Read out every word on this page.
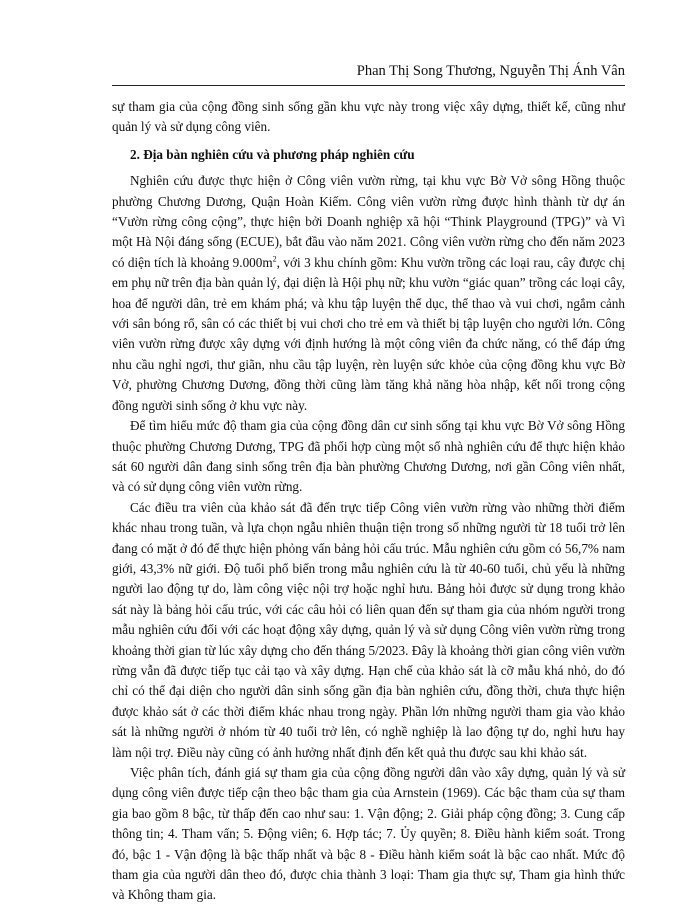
Phan Thị Song Thương, Nguyễn Thị Ánh Vân

sự tham gia của cộng đồng sinh sống gần khu vực này trong việc xây dựng, thiết kế, cũng như quản lý và sử dụng công viên.

2. Địa bàn nghiên cứu và phương pháp nghiên cứu

Nghiên cứu được thực hiện ở Công viên vườn rừng, tại khu vực Bờ Vở sông Hồng thuộc phường Chương Dương, Quận Hoàn Kiếm. Công viên vườn rừng được hình thành từ dự án “Vườn rừng công cộng”, thực hiện bởi Doanh nghiệp xã hội “Think Playground (TPG)” và Vì một Hà Nội đáng sống (ECUE), bắt đầu vào năm 2021. Công viên vườn rừng cho đến năm 2023 có diện tích là khoảng $9.000m^2$, với 3 khu chính gồm: Khu vườn trồng các loại rau, cây được chị em phụ nữ trên địa bàn quản lý, đại diện là Hội phụ nữ; khu vườn “giác quan” trồng các loại cây, hoa để người dân, trẻ em khám phá; và khu tập luyện thể dục, thể thao và vui chơi, ngắm cảnh với sân bóng rổ, sân có các thiết bị vui chơi cho trẻ em và thiết bị tập luyện cho người lớn. Công viên vườn rừng được xây dựng với định hướng là một công viên đa chức năng, có thể đáp ứng nhu cầu nghỉ ngơi, thư giãn, nhu cầu tập luyện, rèn luyện sức khỏe của cộng đồng khu vực Bờ Vở, phường Chương Dương, đồng thời cũng làm tăng khả năng hòa nhập, kết nối trong cộng đồng người sinh sống ở khu vực này.

Để tìm hiểu mức độ tham gia của cộng đồng dân cư sinh sống tại khu vực Bờ Vở sông Hồng thuộc phường Chương Dương, TPG đã phối hợp cùng một số nhà nghiên cứu để thực hiện khảo sát 60 người dân đang sinh sống trên địa bàn phường Chương Dương, nơi gần Công viên nhất, và có sử dụng công viên vườn rừng.

Các điều tra viên của khảo sát đã đến trực tiếp Công viên vườn rừng vào những thời điểm khác nhau trong tuần, và lựa chọn ngẫu nhiên thuận tiện trong số những người từ 18 tuổi trở lên đang có mặt ở đó để thực hiện phỏng vấn bảng hỏi cấu trúc. Mẫu nghiên cứu gồm có 56,7% nam giới, 43,3% nữ giới. Độ tuổi phổ biến trong mẫu nghiên cứu là từ 40-60 tuổi, chủ yếu là những người lao động tự do, làm công việc nội trợ hoặc nghỉ hưu. Bảng hỏi được sử dụng trong khảo sát này là bảng hỏi cấu trúc, với các câu hỏi có liên quan đến sự tham gia của nhóm người trong mẫu nghiên cứu đối với các hoạt động xây dựng, quản lý và sử dụng Công viên vườn rừng trong khoảng thời gian từ lúc xây dựng cho đến tháng 5/2023. Đây là khoảng thời gian công viên vườn rừng vẫn đã được tiếp tục cải tạo và xây dựng. Hạn chế của khảo sát là cỡ mẫu khá nhỏ, do đó chỉ có thể đại diện cho người dân sinh sống gần địa bàn nghiên cứu, đồng thời, chưa thực hiện được khảo sát ở các thời điểm khác nhau trong ngày. Phần lớn những người tham gia vào khảo sát là những người ở nhóm từ 40 tuổi trở lên, có nghề nghiệp là lao động tự do, nghỉ hưu hay làm nội trợ. Điều này cũng có ảnh hưởng nhất định đến kết quả thu được sau khi khảo sát.

Việc phân tích, đánh giá sự tham gia của cộng đồng người dân vào xây dựng, quản lý và sử dụng công viên được tiếp cận theo bậc tham gia của Arnstein (1969). Các bậc tham của sự tham gia bao gồm 8 bậc, từ thấp đến cao như sau: 1. Vận động; 2. Giải pháp cộng đồng; 3. Cung cấp thông tin; 4. Tham vấn; 5. Động viên; 6. Hợp tác; 7. Ủy quyền; 8. Điều hành kiểm soát. Trong đó, bậc 1 - Vận động là bậc thấp nhất và bậc 8 - Điều hành kiểm soát là bậc cao nhất. Mức độ tham gia của người dân theo đó, được chia thành 3 loại: Tham gia thực sự, Tham gia hình thức và Không tham gia.
